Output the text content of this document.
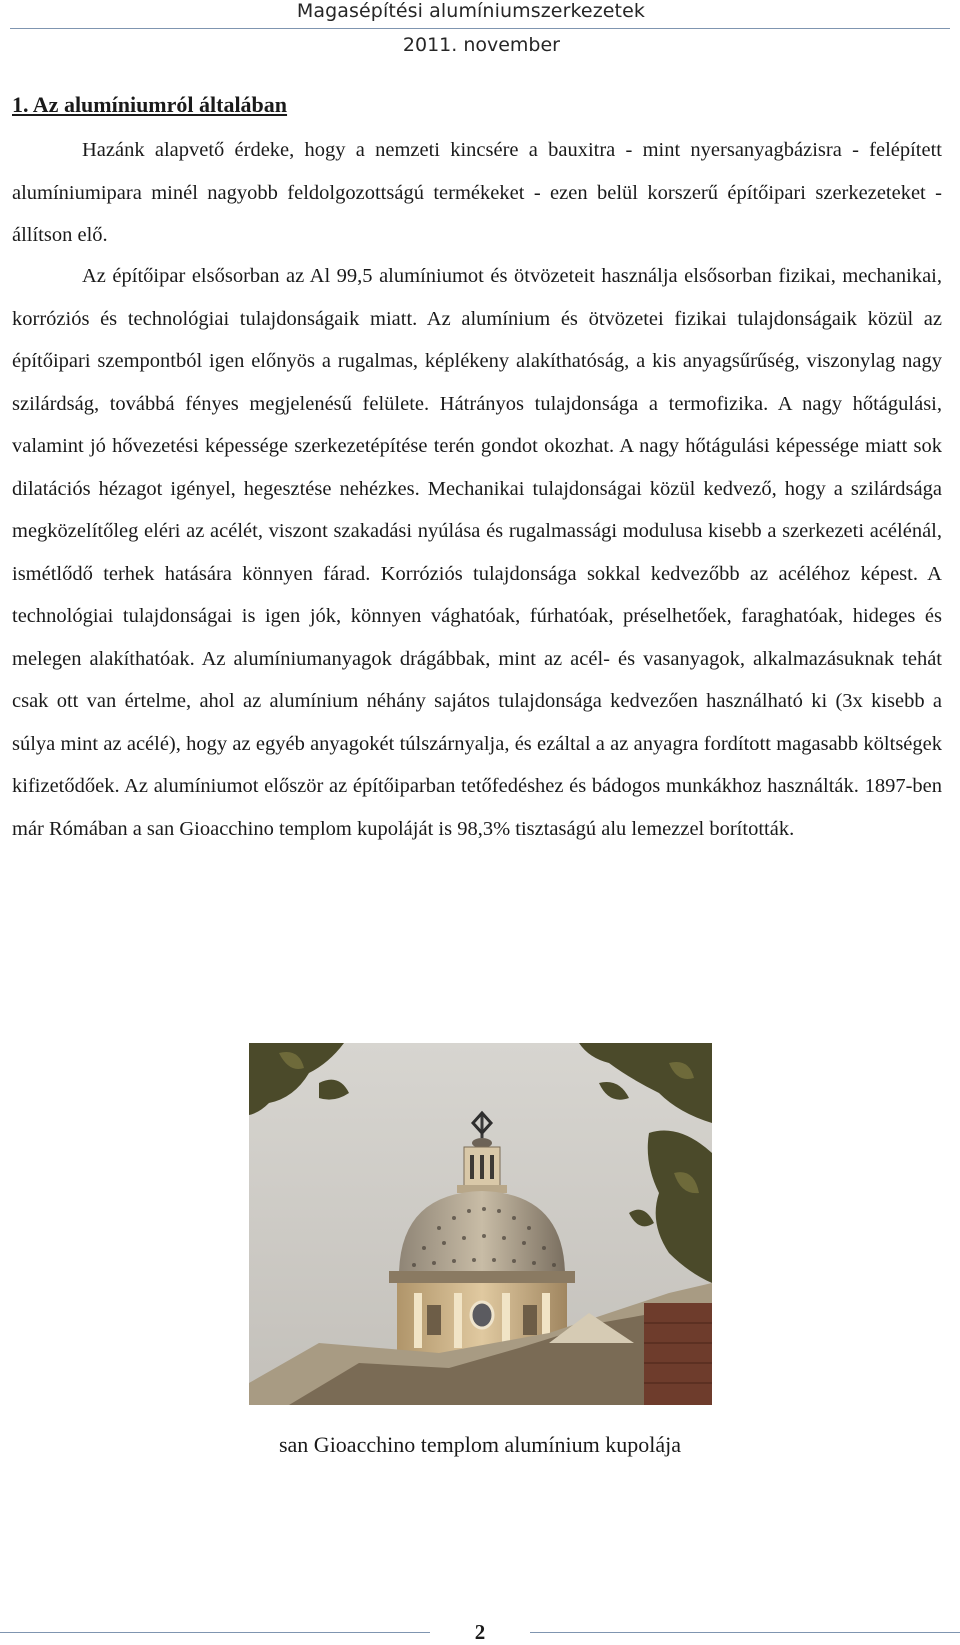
Magasépítési alumíniumszerkezetek
2011. november
1. Az alumíniumról általában

Hazánk alapvető érdeke, hogy a nemzeti kincsére a bauxitra - mint nyersanyagbázisra - felépített alumíniumipara minél nagyobb feldolgozottságú termékeket - ezen belül korszerű építőipari szerkezeteket - állítson elő.

Az építőipar elsősorban az Al 99,5 alumíniumot és ötvözeteit használja elsősorban fizikai, mechanikai, korróziós és technológiai tulajdonságaik miatt. Az alumínium és ötvözetei fizikai tulajdonságaik közül az építőipari szempontból igen előnyös a rugalmas, képlékeny alakíthatóság, a kis anyagsűrűség, viszonylag nagy szilárdság, továbbá fényes megjelenésű felülete. Hátrányos tulajdonsága a termofizika. A nagy hőtágulási, valamint jó hővezetési képessége szerkezetépítése terén gondot okozhat. A nagy hőtágulási képessége miatt sok dilatációs hézagot igényel, hegesztése nehézkes. Mechanikai tulajdonságai közül kedvező, hogy a szilárdsága megközelítőleg eléri az acélét, viszont szakadási nyúlása és rugalmassági modulusa kisebb a szerkezeti acélénál, ismétlődő terhek hatására könnyen fárad. Korróziós tulajdonsága sokkal kedvezőbb az acéléhoz képest. A technológiai tulajdonságai is igen jók, könnyen vághatóak, fúrhatóak, préselhetőek, faraghatóak, hideges és melegen alakíthatóak. Az alumíniumanyagok drágábbak, mint az acél- és vasanyagok, alkalmazásuknak tehát csak ott van értelme, ahol az alumínium néhány sajátos tulajdonsága kedvezően használható ki (3x kisebb a súlya mint az acélé), hogy az egyéb anyagokét túlszárnyalja, és ezáltal a az anyagra fordított magasabb költségek kifizetődőek. Az alumíniumot először az építőiparban tetőfedéshez és bádogos munkákhoz használták. 1897-ben már Rómában a san Gioacchino templom kupoláját is 98,3% tisztaságú alu lemezzel borították.

san Gioacchino templom alumínium kupolája
2
